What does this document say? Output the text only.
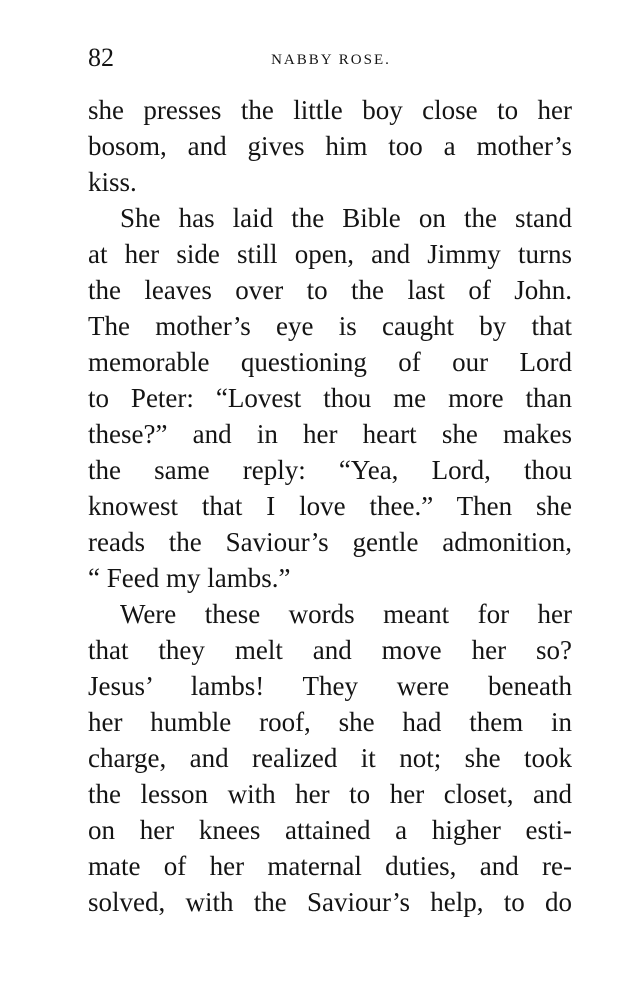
82	NABBY ROSE.
she presses the little boy close to her
bosom, and gives him too a mother’s
kiss.
She has laid the Bible on the stand
at her side still open, and Jimmy turns
the leaves over to the last of John.
The mother’s eye is caught by that
memorable questioning of our Lord
to Peter: “Lovest thou me more than
these?” and in her heart she makes
the same reply: “Yea, Lord, thou
knowest that I love thee.” Then she
reads the Saviour’s gentle admonition,
“ Feed my lambs.”
Were these words meant for her
that they melt and move her so?
Jesus’ lambs! They were beneath
her humble roof, she had them in
charge, and realized it not; she took
the lesson with her to her closet, and
on her knees attained a higher esti-
mate of her maternal duties, and re-
solved, with the Saviour’s help, to do
